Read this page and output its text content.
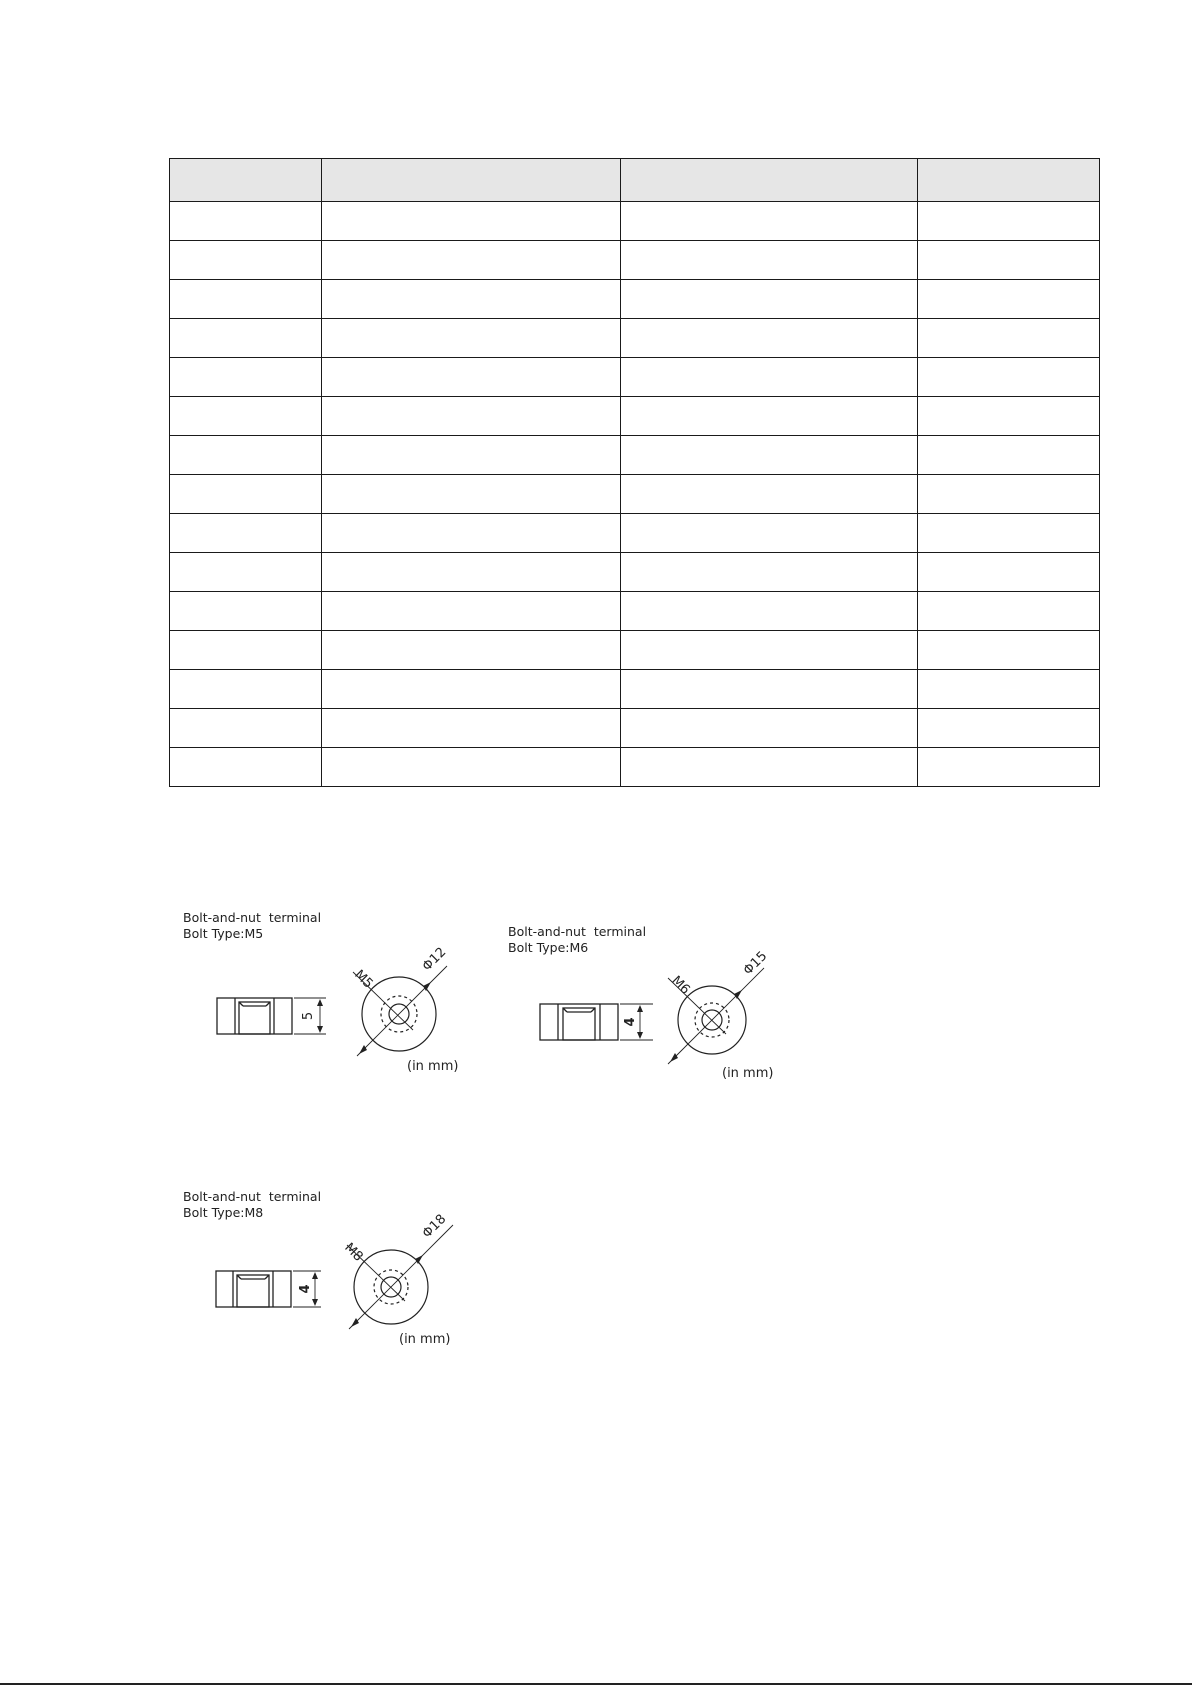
Bolt-and-nut  terminal
Bolt Type:M5
5
M5
Φ12
(in mm)
Bolt-and-nut  terminal
Bolt Type:M6
4
M6
Φ15
(in mm)
Bolt-and-nut  terminal
Bolt Type:M8
4
M8
Φ18
(in mm)
